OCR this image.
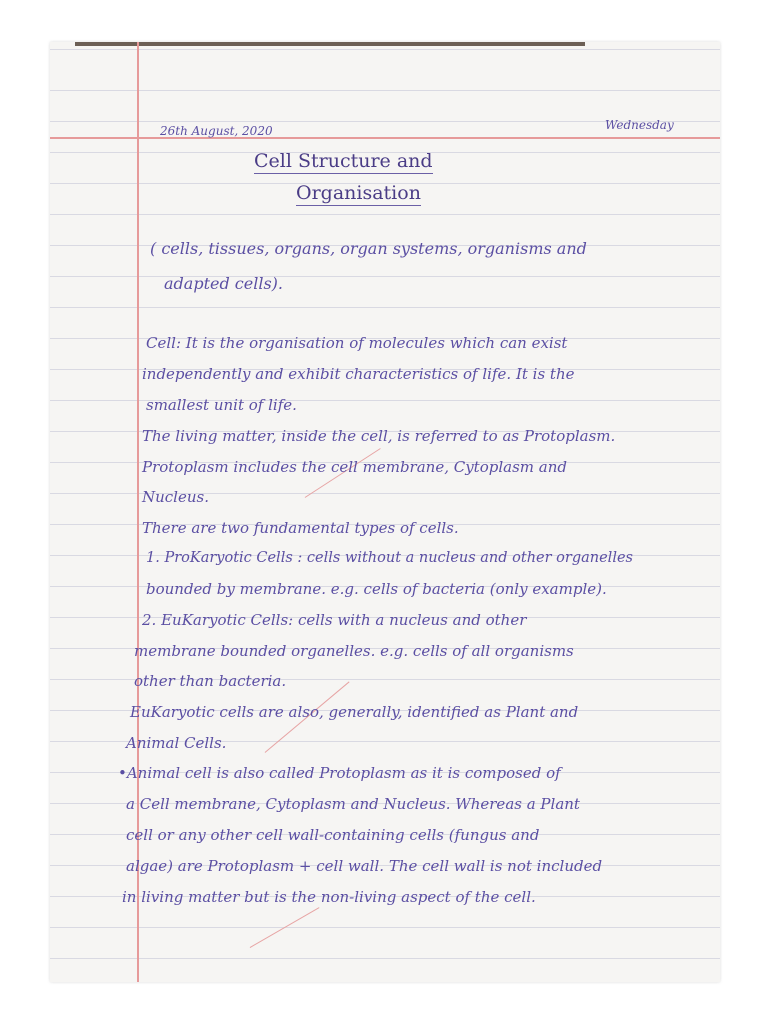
26th August, 2020	Wednesday
Cell Structure and
Organisation
( cells, tissues, organs, organ systems, organisms and
adapted cells).
Cell: It is the organisation of molecules which can exist
independently and exhibit characteristics of life. It is the
smallest unit of life.
The living matter, inside the cell, is referred to as Protoplasm.
Protoplasm includes the cell membrane, Cytoplasm and
Nucleus.
There are two fundamental types of cells.
1. ProKaryotic Cells : cells without a nucleus and other organelles
bounded by membrane. e.g. cells of bacteria (only example).
2. EuKaryotic Cells: cells with a nucleus and other
membrane bounded organelles. e.g. cells of all organisms
other than bacteria.
EuKaryotic cells are also, generally, identified as Plant and
Animal Cells.
•Animal cell is also called Protoplasm as it is composed of
a Cell membrane, Cytoplasm and Nucleus. Whereas a Plant
cell or any other cell wall-containing cells (fungus and
algae) are Protoplasm + cell wall. The cell wall is not included
in living matter but is the non-living aspect of the cell.
